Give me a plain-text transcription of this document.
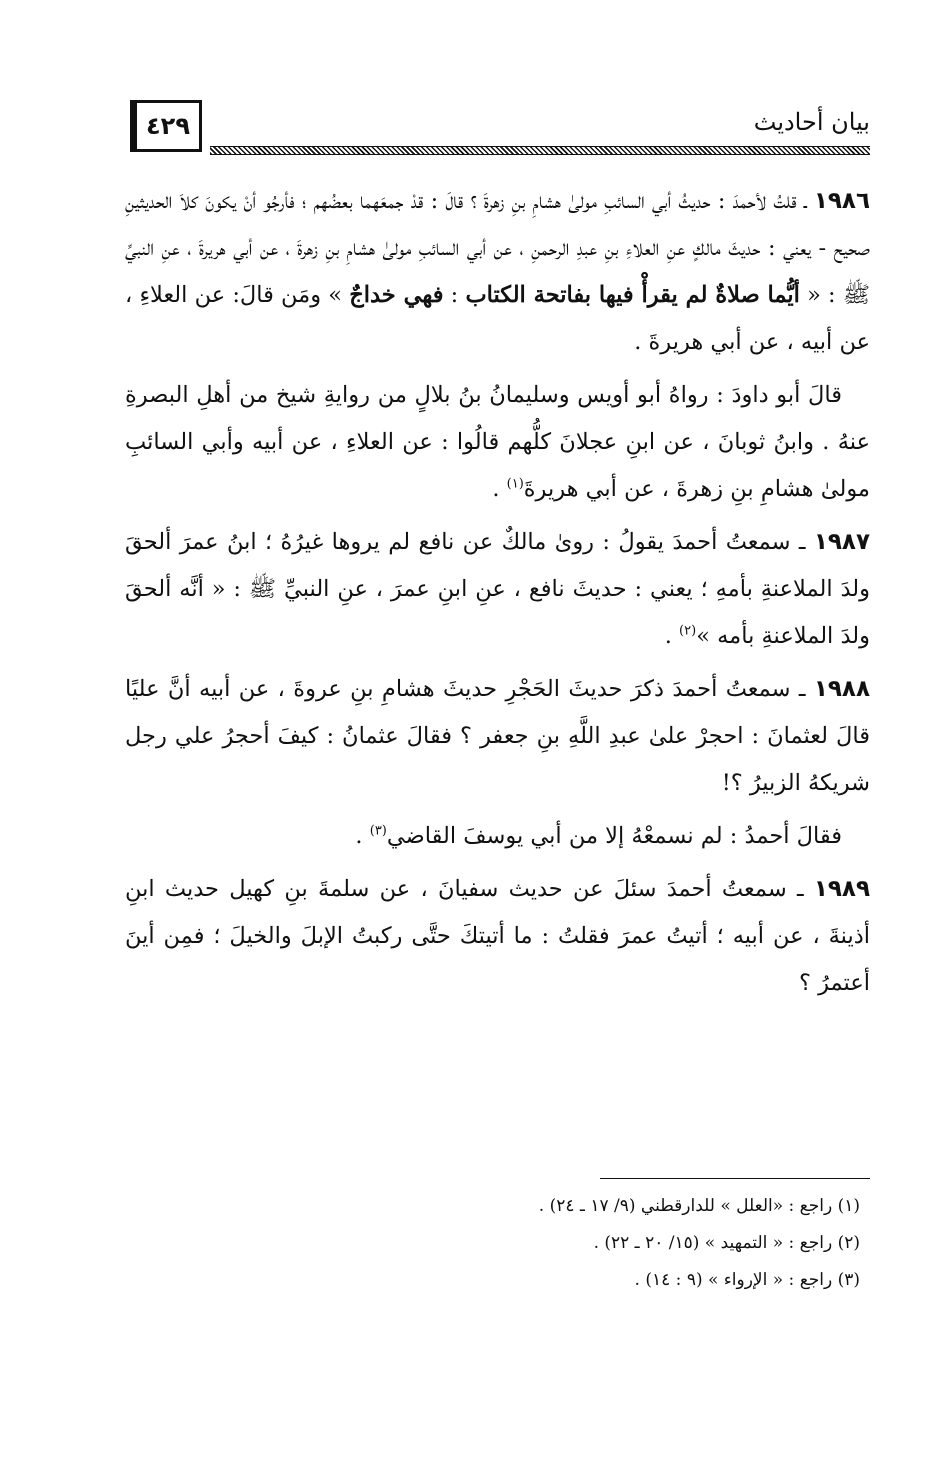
٤٢٩	بيان أحاديث

١٩٨٦ ـ قلتُ لأحمدَ : حديثُ أبي السائبِ مولىٰ هشامِ بنِ زهرةَ ؟ قالَ : قدْ جمعَهما بعضُهم ؛ فأرجُو أنْ يكونَ كلاَ الحديثينِ صحيح - يعني : حديثَ مالكٍ عنِ العلاءِ بنِ عبدِ الرحمنِ ، عن أبي السائبِ مولىٰ هشامِ بنِ زهرةَ ، عن أبي هريرةَ ، عنِ النبيِّ ﷺ : « أيُّما صلاةٌ لم يقرأْ فيها بفاتحة الكتاب : فهي خداجٌ » ومَن قالَ: عن العلاءِ ، عن أبيه ، عن أبي هريرةَ .

قالَ أبو داودَ : رواهُ أبو أويس وسليمانُ بنُ بلالٍ من روايةِ شيخ من أهلِ البصرةِ عنهُ . وابنُ ثوبانَ ، عن ابنِ عجلانَ كلُّهم قالُوا : عن العلاءِ ، عن أبيه وأبي السائبِ مولىٰ هشامِ بنِ زهرةَ ، عن أبي هريرةَ$^{(١)}$ .

١٩٨٧ ـ سمعتُ أحمدَ يقولُ : روىٰ مالكٌ عن نافع لم يروها غيرُهُ ؛ ابنُ عمرَ ألحقَ ولدَ الملاعنةِ بأمهِ ؛ يعني : حديثَ نافع ، عنِ ابنِ عمرَ ، عنِ النبيِّ ﷺ : « أنَّه ألحقَ ولدَ الملاعنةِ بأمه »$^{(٢)}$ .

١٩٨٨ ـ سمعتُ أحمدَ ذكرَ حديثَ الحَجْرِ حديثَ هشامِ بنِ عروةَ ، عن أبيه أنَّ عليًا قالَ لعثمانَ : احجرْ علىٰ عبدِ اللَّهِ بنِ جعفر ؟ فقالَ عثمانُ : كيفَ أحجرُ علي رجل شريكهُ الزبيرُ ؟!

فقالَ أحمدُ : لم نسمعْهُ إلا من أبي يوسفَ القاضي$^{(٣)}$ .

١٩٨٩ ـ سمعتُ أحمدَ سئلَ عن حديث سفيانَ ، عن سلمةَ بنِ كهيل حديث ابنِ أذينةَ ، عن أبيه ؛ أتيتُ عمرَ فقلتُ : ما أتيتكَ حتَّى ركبتُ الإبلَ والخيلَ ؛ فمِن أينَ أعتمرُ ؟

(١) راجع : «العلل » للدارقطني (٩/ ١٧ ـ ٢٤) .

(٢) راجع : « التمهيد » (١٥/ ٢٠ ـ ٢٢) .

(٣) راجع : « الإرواء » (٩ : ١٤) .
